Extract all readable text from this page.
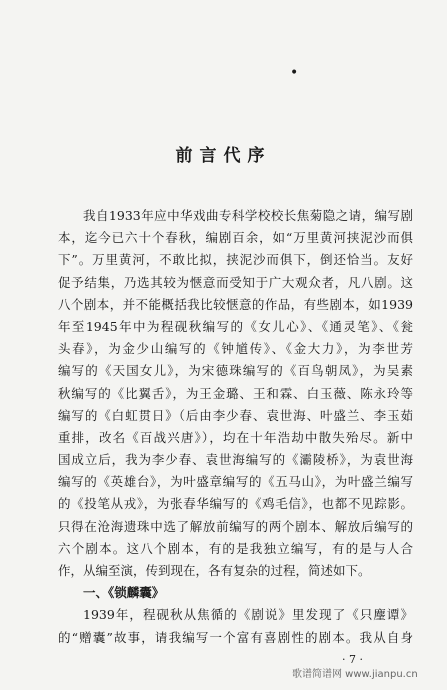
•
前言代序
我自1933年应中华戏曲专科学校校长焦菊隐之请，编写剧
本，迄今已六十个春秋，编剧百余，如“万里黄河挟泥沙而俱
下”。万里黄河，不敢比拟，挟泥沙而俱下，倒还恰当。友好
促予结集，乃选其较为惬意而受知于广大观众者，凡八剧。这
八个剧本，并不能概括我比较惬意的作品，有些剧本，如1939
年至1945年中为程砚秋编写的《女儿心》、《通灵笔》、《瓮
头春》，为金少山编写的《钟馗传》、《金大力》，为李世芳
编写的《天国女儿》，为宋德珠编写的《百鸟朝凤》，为吴素
秋编写的《比翼舌》，为王金璐、王和霖、白玉薇、陈永玲等
编写的《白虹贯日》（后由李少春、袁世海、叶盛兰、李玉茹
重排，改名《百战兴唐》），均在十年浩劫中散失殆尽。新中
国成立后，我为李少春、袁世海编写的《灞陵桥》，为袁世海
编写的《英雄台》，为叶盛章编写的《五马山》，为叶盛兰编写
的《投笔从戎》，为张春华编写的《鸡毛信》，也都不见踪影。
只得在沧海遗珠中选了解放前编写的两个剧本、解放后编写的
六个剧本。这八个剧本，有的是我独立编写，有的是与人合
作，从编至演，传到现在，各有复杂的过程，简述如下。
一、《锁麟囊》
1939年，程砚秋从焦循的《剧说》里发现了《只麈谭》
的“赠囊”故事，请我编写一个富有喜剧性的剧本。我从自身
· 7 ·
歌谱简谱网 www.jianpu.cn
